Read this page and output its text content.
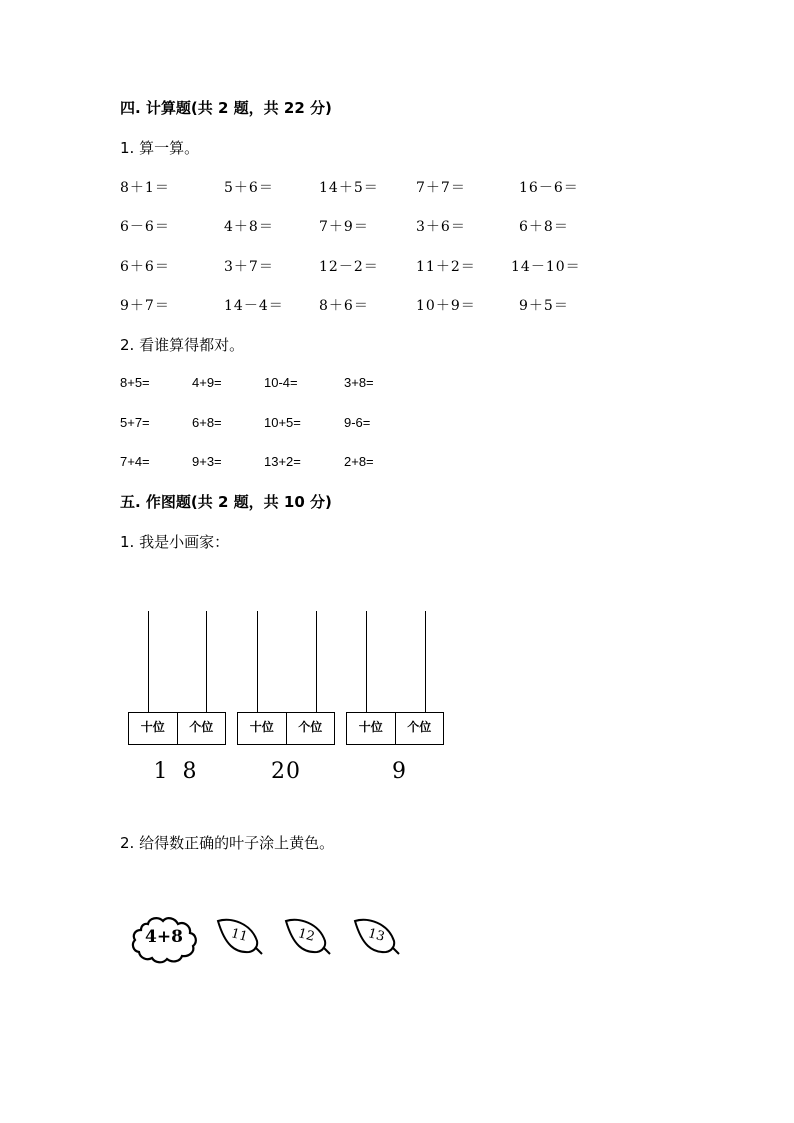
四. 计算题(共 2 题，共 22 分)
1. 算一算。
8＋1＝	5＋6＝	14＋5＝	7＋7＝	16－6＝
6－6＝	4＋8＝	7＋9＝	3＋6＝	6＋8＝
6＋6＝	3＋7＝	12－2＝	11＋2＝	14－10＝
9＋7＝	14－4＝	8＋6＝	10＋9＝	9＋5＝
2. 看谁算得都对。
8+5=	4+9=	10-4=	3+8=
5+7=	6+8=	10+5=	9-6=
7+4=	9+3=	13+2=	2+8=
五. 作图题(共 2 题，共 10 分)
1. 我是小画家：
十位	个位
1 8
十位	个位
20
十位	个位
9
2. 给得数正确的叶子涂上黄色。
4+8	11	12	13
